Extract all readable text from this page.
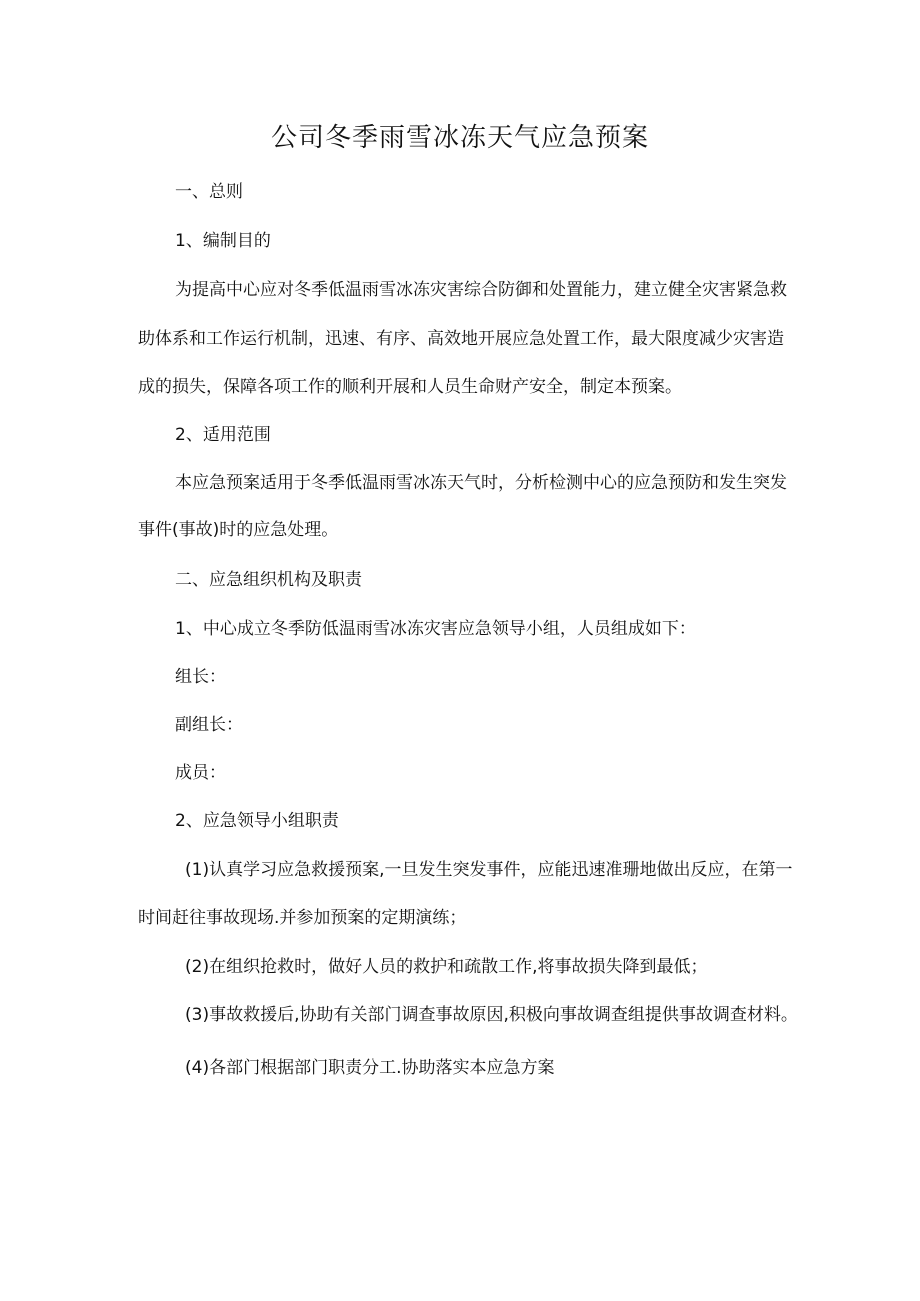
公司冬季雨雪冰冻天气应急预案
一、总则
1、编制目的
为提高中心应对冬季低温雨雪冰冻灾害综合防御和处置能力，建立健全灾害紧急救
助体系和工作运行机制，迅速、有序、高效地开展应急处置工作，最大限度减少灾害造
成的损失，保障各项工作的顺利开展和人员生命财产安全，制定本预案。
2、适用范围
本应急预案适用于冬季低温雨雪冰冻天气时，分析检测中心的应急预防和发生突发
事件(事故)时的应急处理。
二、应急组织机构及职责
1、中心成立冬季防低温雨雪冰冻灾害应急领导小组，人员组成如下：
组长：
副组长：
成员：
2、应急领导小组职责
(1)认真学习应急救援预案,一旦发生突发事件，应能迅速准珊地做出反应，在第一
时间赶往事故现场.并参加预案的定期演练；
(2)在组织抢救时，做好人员的救护和疏散工作,将事故损失降到最低；
(3)事故救援后,协助有关部门调查事故原因,积极向事故调查组提供事故调查材料。
(4)各部门根据部门职责分工.协助落实本应急方案
